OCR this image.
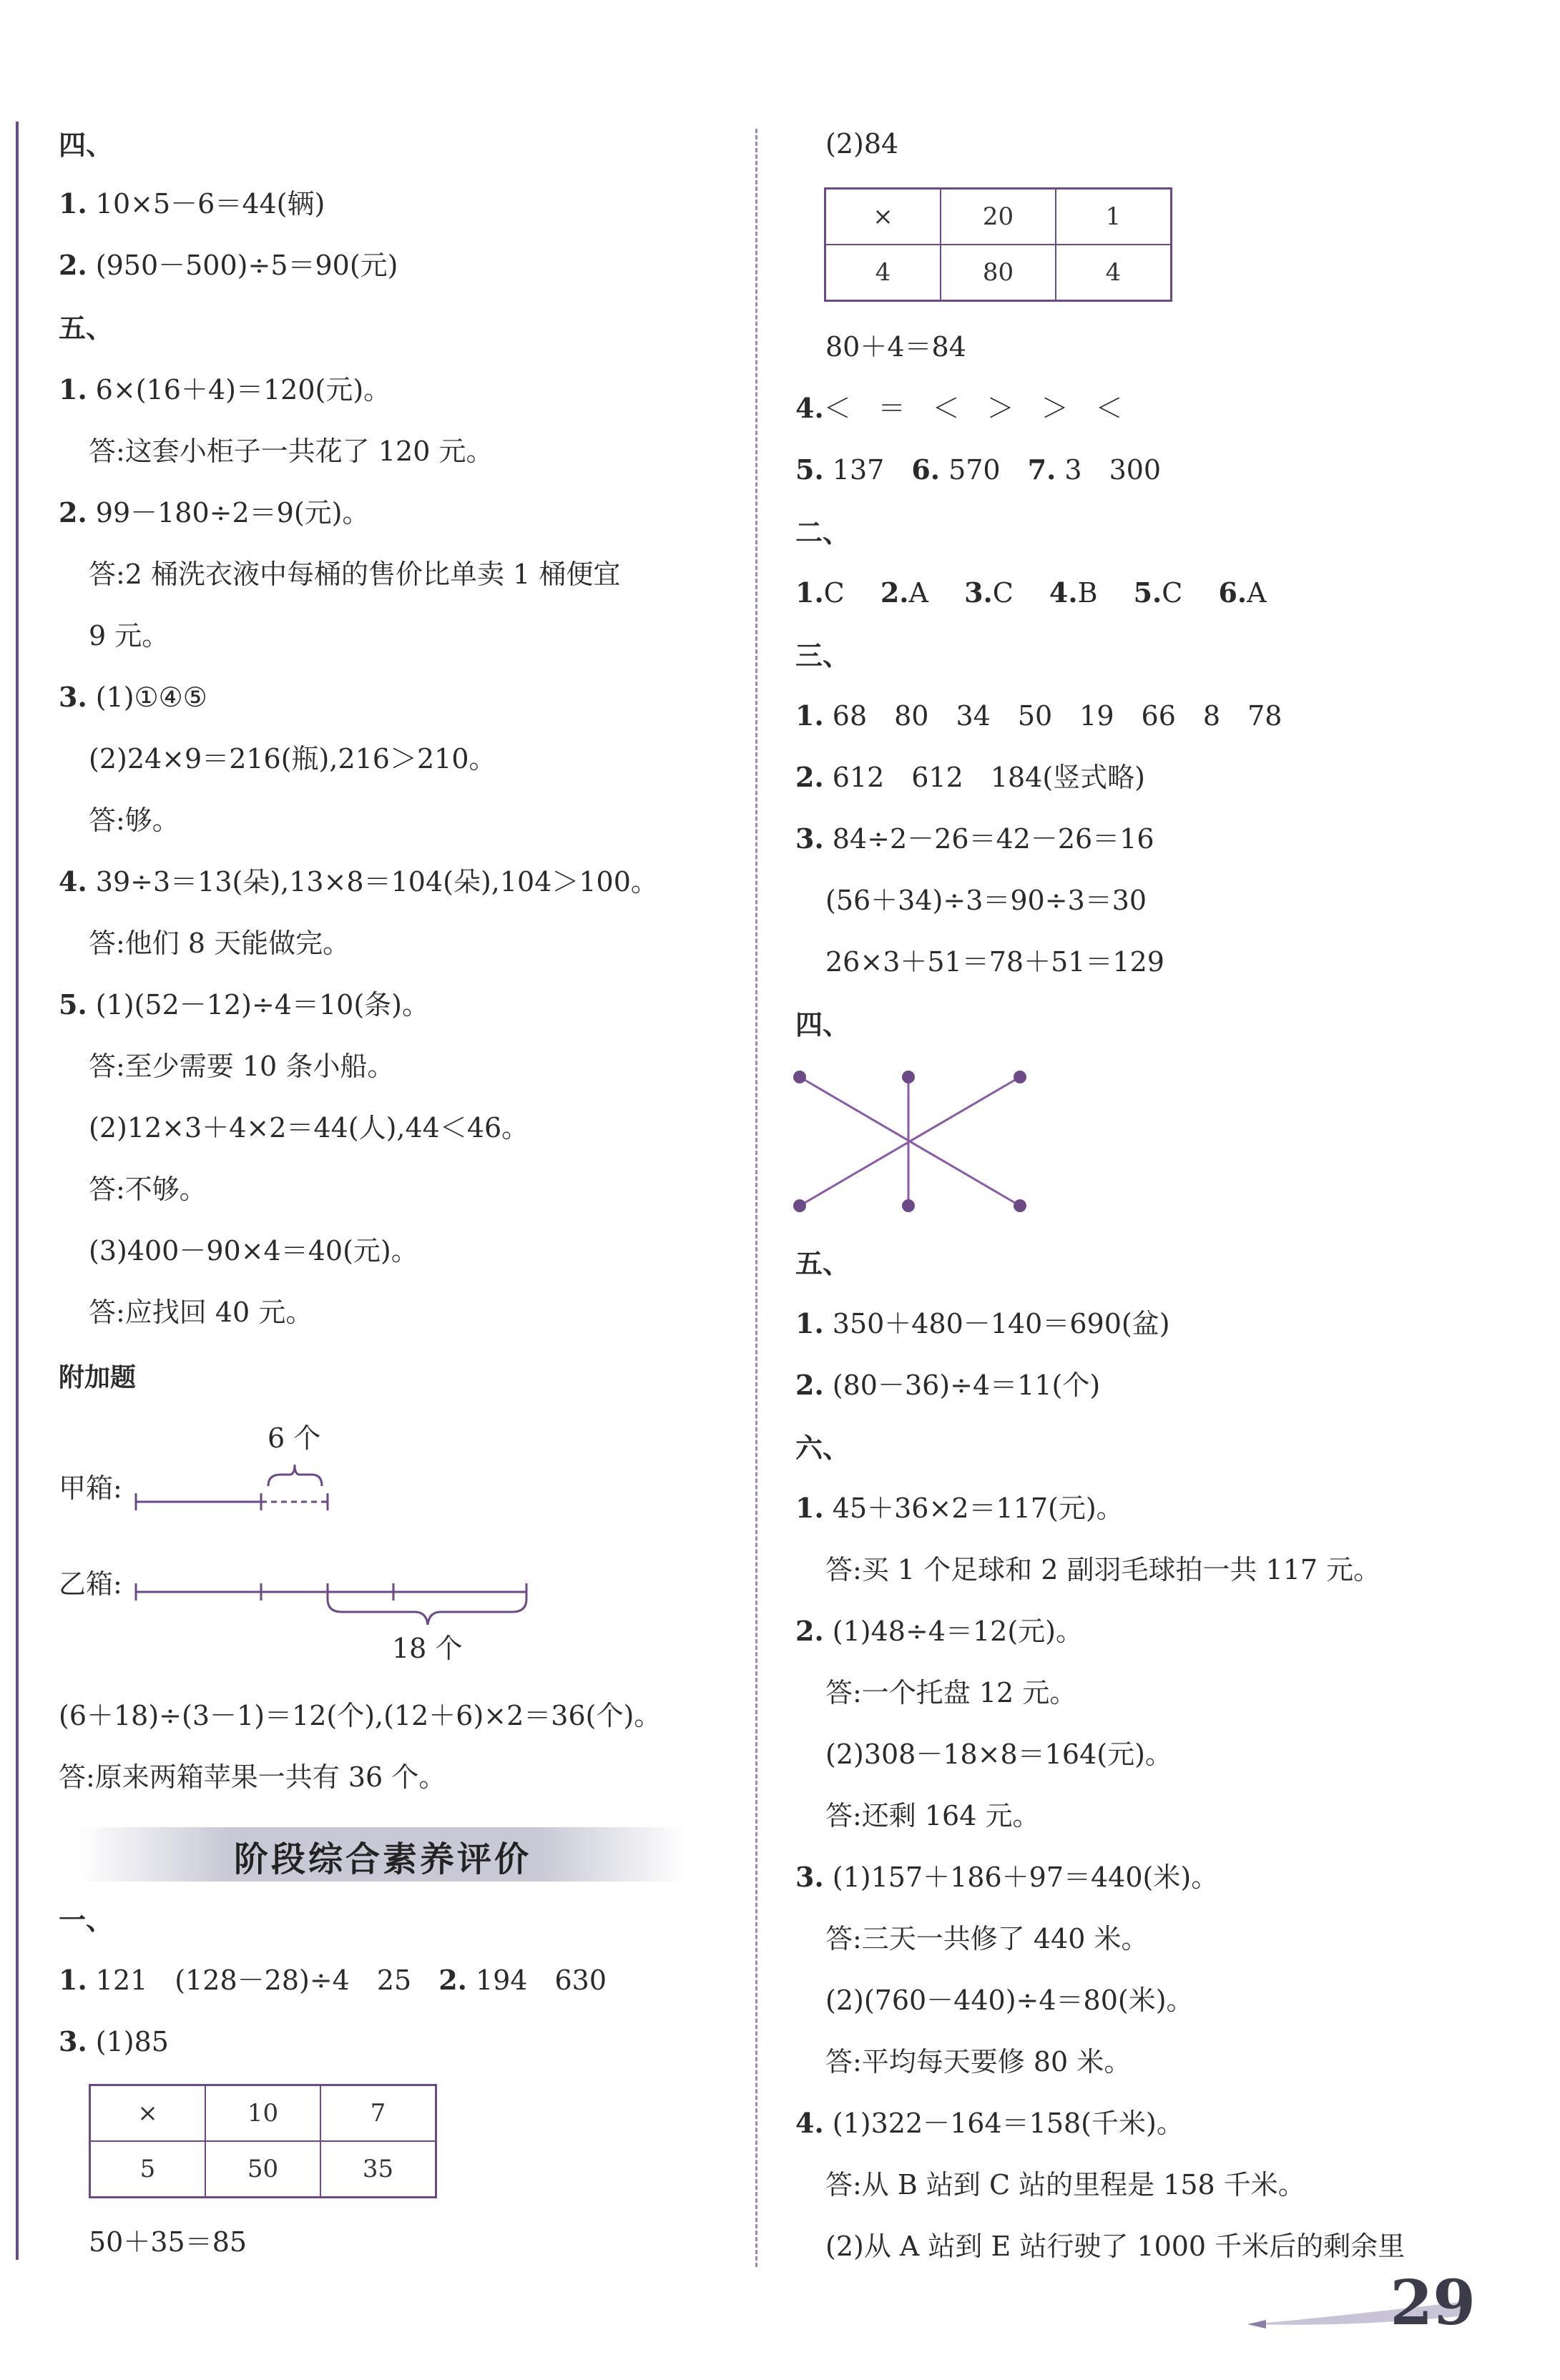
四、
1. 10×5－6＝44(辆)
2. (950－500)÷5＝90(元)
五、
1. 6×(16＋4)＝120(元)。
答:这套小柜子一共花了 120 元。
2. 99－180÷2＝9(元)。
答:2 桶洗衣液中每桶的售价比单卖 1 桶便宜
9 元。
3. (1)①④⑤
(2)24×9＝216(瓶),216＞210。
答:够。
4. 39÷3＝13(朵),13×8＝104(朵),104＞100。
答:他们 8 天能做完。
5. (1)(52－12)÷4＝10(条)。
答:至少需要 10 条小船。
(2)12×3＋4×2＝44(人),44＜46。
答:不够。
(3)400－90×4＝40(元)。
答:应找回 40 元。
附加题
6 个
甲箱:
乙箱:
18 个
(6＋18)÷(3－1)＝12(个),(12＋6)×2＝36(个)。
答:原来两箱苹果一共有 36 个。
阶段综合素养评价
一、
1. 121　(128－28)÷4　25　2. 194　630
3. (1)85
×	10	7
5	50	35
50＋35＝85
(2)84
×	20	1
4	80	4
80＋4＝84
4.＜　＝　＜　＞　＞　＜
5. 137　 6. 570　 7. 3　300
二、
1.C　 2.A　 3.C　 4.B　 5.C　 6.A
三、
1. 68　80　34　50　19　66　8　78
2. 612　612　184(竖式略)
3. 84÷2－26＝42－26＝16
(56＋34)÷3＝90÷3＝30
26×3＋51＝78＋51＝129
四、
五、
1. 350＋480－140＝690(盆)
2. (80－36)÷4＝11(个)
六、
1. 45＋36×2＝117(元)。
答:买 1 个足球和 2 副羽毛球拍一共 117 元。
2. (1)48÷4＝12(元)。
答:一个托盘 12 元。
(2)308－18×8＝164(元)。
答:还剩 164 元。
3. (1)157＋186＋97＝440(米)。
答:三天一共修了 440 米。
(2)(760－440)÷4＝80(米)。
答:平均每天要修 80 米。
4. (1)322－164＝158(千米)。
答:从 B 站到 C 站的里程是 158 千米。
(2)从 A 站到 E 站行驶了 1000 千米后的剩余里
29
